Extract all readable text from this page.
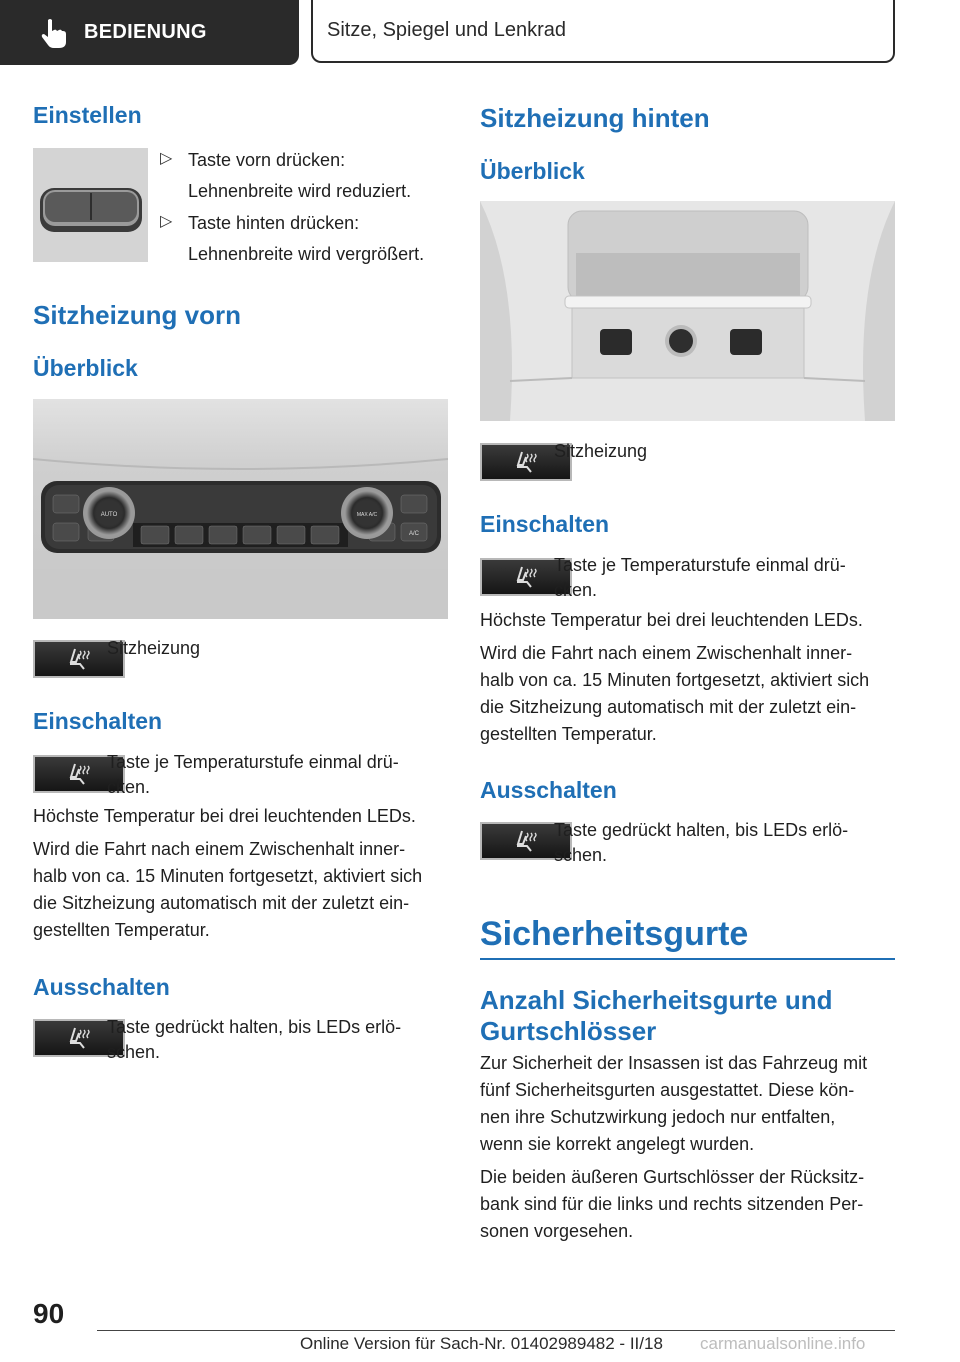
BEDIENUNG	Sitze, Spiegel und Lenkrad
Einstellen
▷ Taste vorn drücken:
Lehnenbreite wird reduziert.
▷ Taste hinten drücken:
Lehnenbreite wird vergrößert.
Sitzheizung vorn
Überblick
AUTO	MAX A/C
A/C
Sitzheizung
Einschalten
Taste je Temperaturstufe einmal drü-
cken.
Höchste Temperatur bei drei leuchtenden LEDs.
Wird die Fahrt nach einem Zwischenhalt inner-
halb von ca. 15 Minuten fortgesetzt, aktiviert sich
die Sitzheizung automatisch mit der zuletzt ein-
gestellten Temperatur.
Ausschalten
Taste gedrückt halten, bis LEDs erlö-
schen.
Sitzheizung hinten
Überblick
Sitzheizung
Einschalten
Taste je Temperaturstufe einmal drü-
cken.
Höchste Temperatur bei drei leuchtenden LEDs.
Wird die Fahrt nach einem Zwischenhalt inner-
halb von ca. 15 Minuten fortgesetzt, aktiviert sich
die Sitzheizung automatisch mit der zuletzt ein-
gestellten Temperatur.
Ausschalten
Taste gedrückt halten, bis LEDs erlö-
schen.
Sicherheitsgurte
Anzahl Sicherheitsgurte und
Gurtschlösser
Zur Sicherheit der Insassen ist das Fahrzeug mit
fünf Sicherheitsgurten ausgestattet. Diese kön-
nen ihre Schutzwirkung jedoch nur entfalten,
wenn sie korrekt angelegt wurden.
Die beiden äußeren Gurtschlösser der Rücksitz-
bank sind für die links und rechts sitzenden Per-
sonen vorgesehen.
90
Online Version für Sach-Nr. 01402989482 - II/18 carmanualsonline.info
